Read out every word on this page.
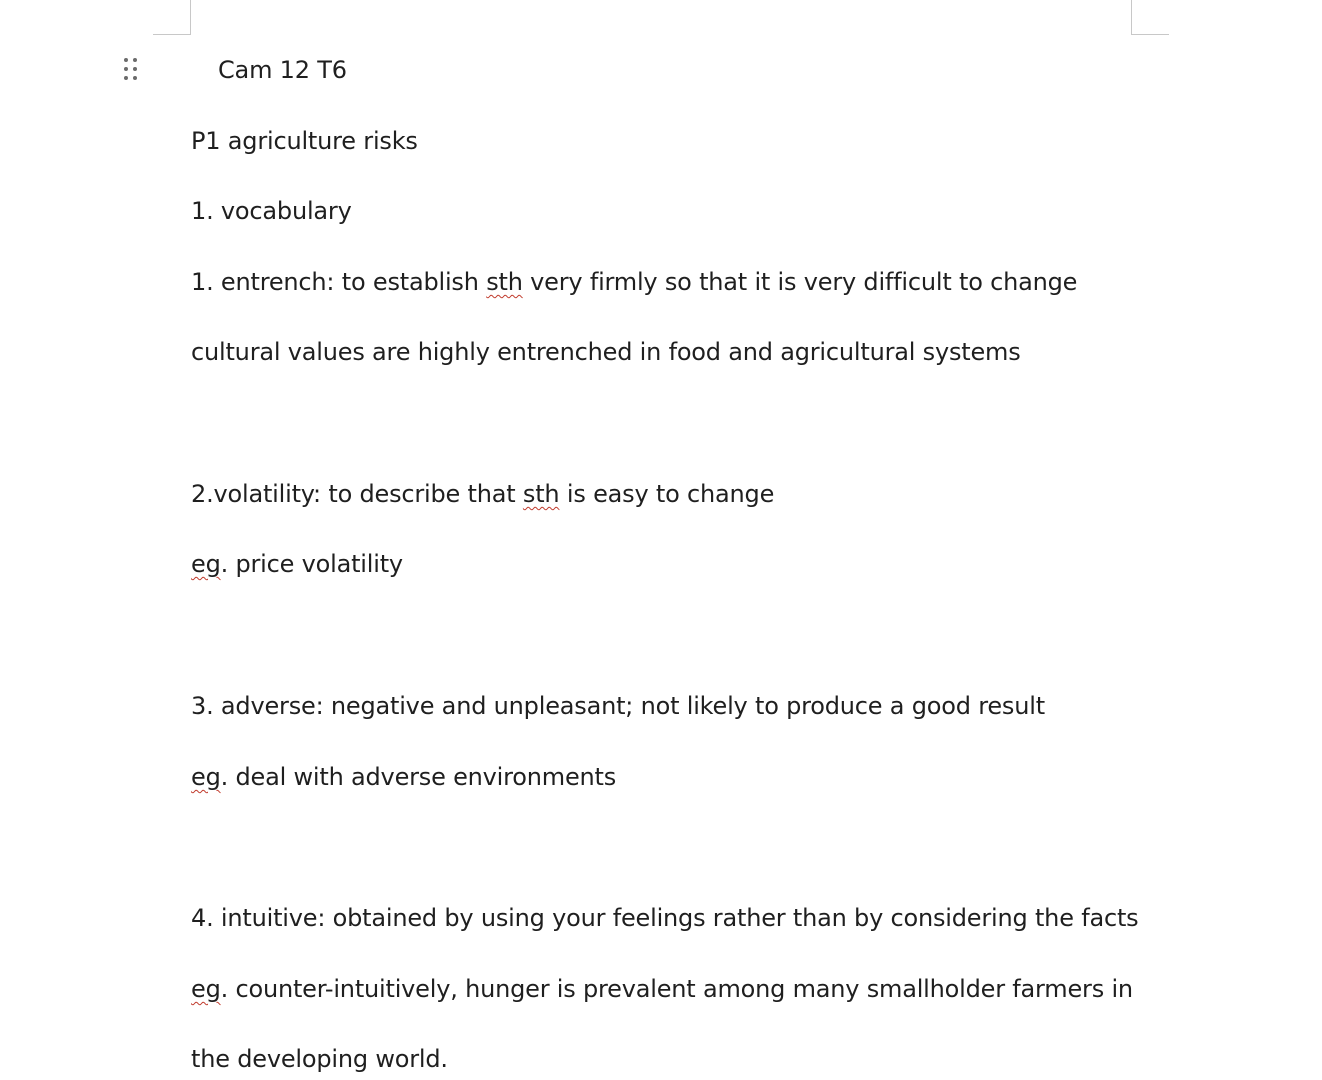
Cam 12 T6
P1 agriculture risks
1. vocabulary
1. entrench: to establish sth very firmly so that it is very difficult to change
cultural values are highly entrenched in food and agricultural systems
2.volatility: to describe that sth is easy to change
eg. price volatility
3. adverse: negative and unpleasant; not likely to produce a good result
eg. deal with adverse environments
4. intuitive: obtained by using your feelings rather than by considering the facts
eg. counter-intuitively, hunger is prevalent among many smallholder farmers in
the developing world.
